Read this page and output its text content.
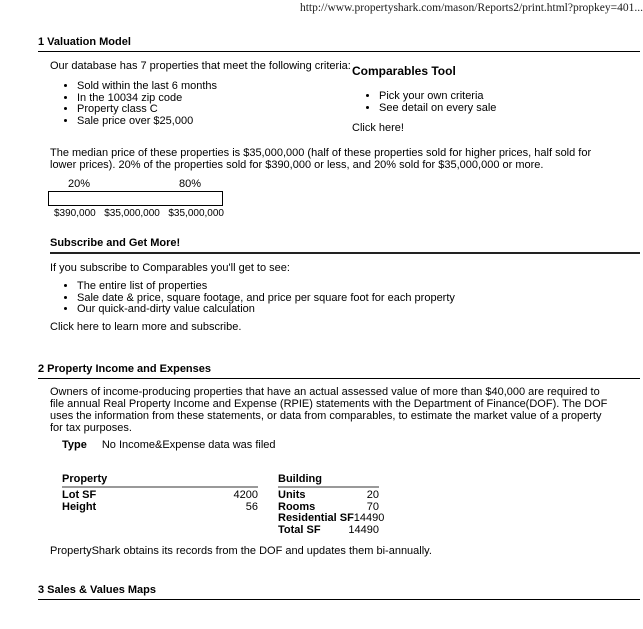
http://www.propertyshark.com/mason/Reports2/print.html?propkey=401...
1 Valuation Model
Our database has 7 properties that meet the following criteria:
• Sold within the last 6 months
• In the 10034 zip code
• Property class C
• Sale price over $25,000
Comparables Tool
• Pick your own criteria
• See detail on every sale
Click here!
The median price of these properties is $35,000,000 (half of these properties sold for higher prices, half sold for lower prices). 20% of the properties sold for $390,000 or less, and 20% sold for $35,000,000 or more.
20%	80%
$390,000 $35,000,000 $35,000,000
Subscribe and Get More!
If you subscribe to Comparables you'll get to see:
• The entire list of properties
• Sale date & price, square footage, and price per square foot for each property
• Our quick-and-dirty value calculation
Click here to learn more and subscribe.
2 Property Income and Expenses
Owners of income-producing properties that have an actual assessed value of more than $40,000 are required to file annual Real Property Income and Expense (RPIE) statements with the Department of Finance(DOF). The DOF uses the information from these statements, or data from comparables, to estimate the market value of a property for tax purposes.
Type No Income&Expense data was filed
Property
Lot SF	4200
Height	56
Building
Units	20
Rooms	70
Residential SF 14490
Total SF	14490
PropertyShark obtains its records from the DOF and updates them bi-annually.
3 Sales & Values Maps
